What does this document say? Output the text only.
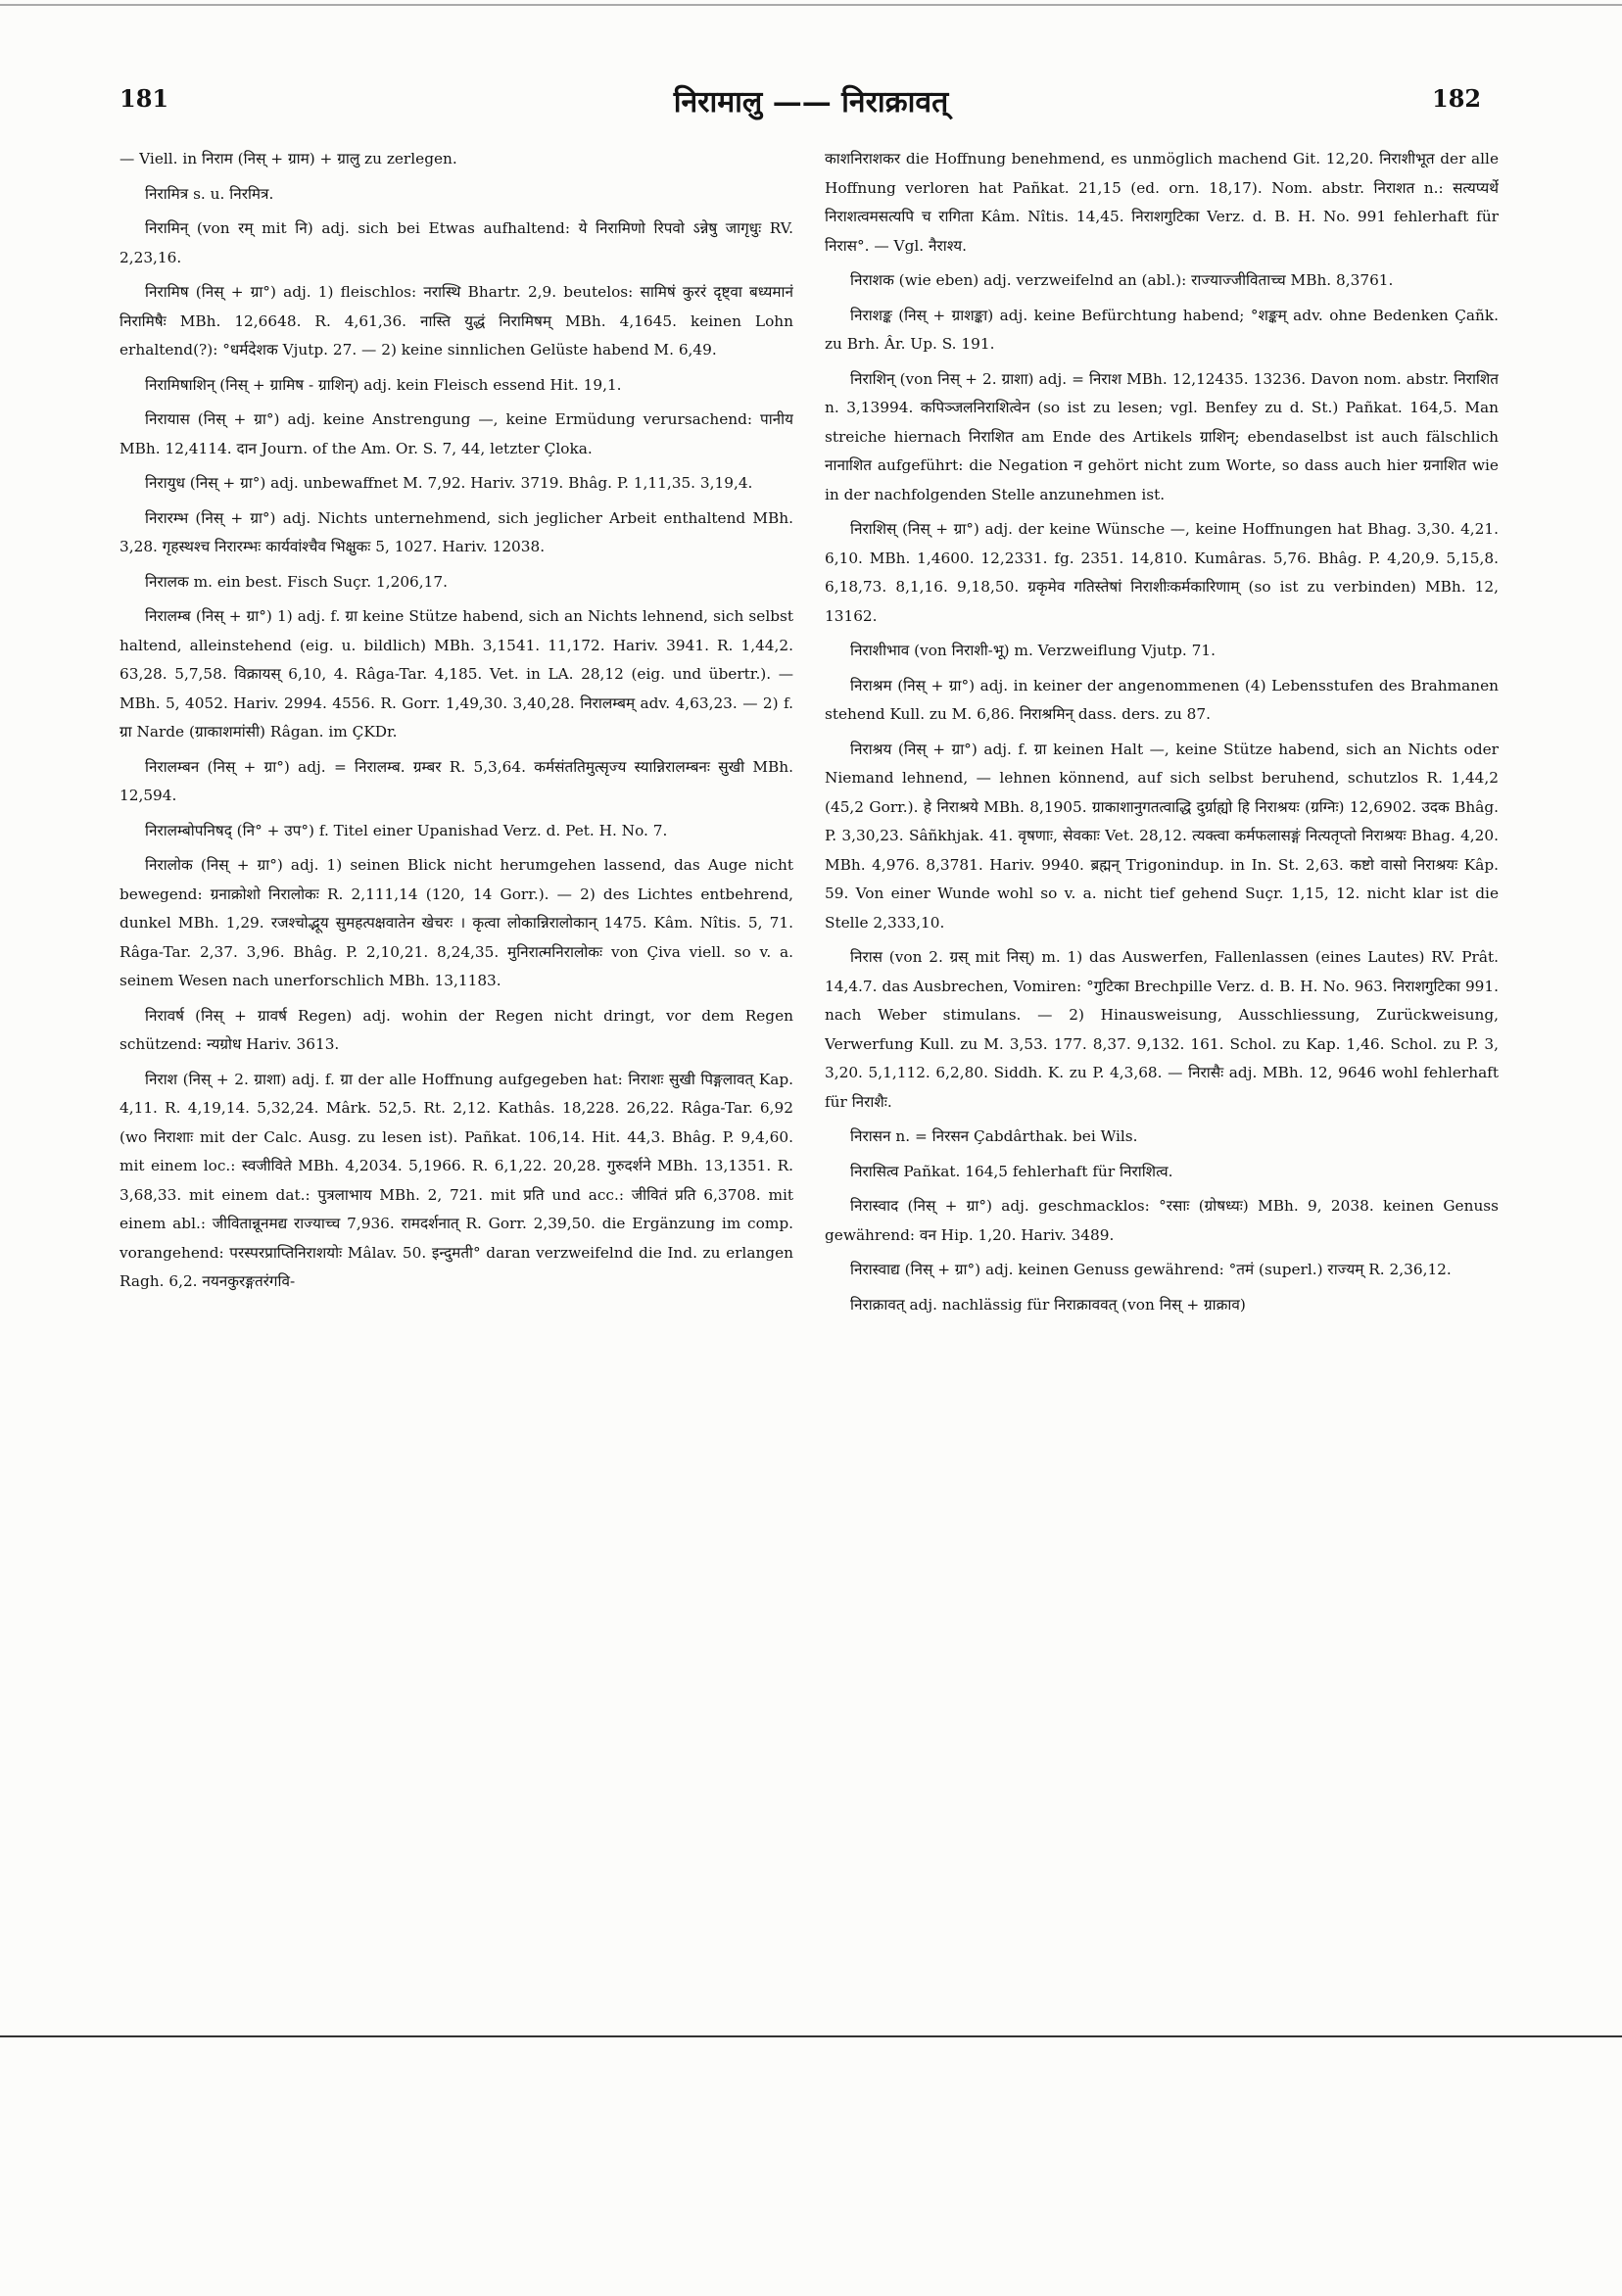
181	निरामालु —— निराक्रावत्	182

— Viell. in निराम (निस् + ग्राम) + ग्रालु zu zerlegen.

निरामित्र s. u. निरमित्र.

निरामिन् (von रम् mit नि) adj. sich bei Etwas aufhaltend: ये निरामिणो रिपवो ऽन्नेषु जागृधुः RV. 2,23,16.

निरामिष (निस् + ग्रा°) adj. 1) fleischlos: नरास्थि Bhartr. 2,9. beutelos: सामिषं कुररं दृष्ट्वा बध्यमानं निरामिषैः MBh. 12,6648. R. 4,61,36. नास्ति युद्धं निरामिषम् MBh. 4,1645. keinen Lohn erhaltend(?): °धर्मदेशक Vjutp. 27. — 2) keine sinnlichen Gelüste habend M. 6,49.

निरामिषाशिन् (निस् + ग्रामिष - ग्राशिन्) adj. kein Fleisch essend Hit. 19,1.

निरायास (निस् + ग्रा°) adj. keine Anstrengung —, keine Ermüdung verursachend: पानीय MBh. 12,4114. दान Journ. of the Am. Or. S. 7, 44, letzter Çloka.

निरायुध (निस् + ग्रा°) adj. unbewaffnet M. 7,92. Hariv. 3719. Bhâg. P. 1,11,35. 3,19,4.

निरारम्भ (निस् + ग्रा°) adj. Nichts unternehmend, sich jeglicher Arbeit enthaltend MBh. 3,28. गृहस्थश्च निरारम्भः कार्यवांश्चैव भिक्षुकः 5, 1027. Hariv. 12038.

निरालक m. ein best. Fisch Suçr. 1,206,17.

निरालम्ब (निस् + ग्रा°) 1) adj. f. ग्रा keine Stütze habend, sich an Nichts lehnend, sich selbst haltend, alleinstehend (eig. u. bildlich) MBh. 3,1541. 11,172. Hariv. 3941. R. 1,44,2. 63,28. 5,7,58. विक्रायस् 6,10, 4. Râga-Tar. 4,185. Vet. in LA. 28,12 (eig. und übertr.). — MBh. 5, 4052. Hariv. 2994. 4556. R. Gorr. 1,49,30. 3,40,28. निरालम्बम् adv. 4,63,23. — 2) f. ग्रा Narde (ग्राकाशमांसी) Râgan. im ÇKDr.

निरालम्बन (निस् + ग्रा°) adj. = निरालम्ब. ग्रम्बर R. 5,3,64. कर्मसंततिमुत्सृज्य स्यान्निरालम्बनः सुखी MBh. 12,594.

निरालम्बोपनिषद् (नि° + उप°) f. Titel einer Upanishad Verz. d. Pet. H. No. 7.

निरालोक (निस् + ग्रा°) adj. 1) seinen Blick nicht herumgehen lassend, das Auge nicht bewegend: ग्रनाक्रोशो निरालोकः R. 2,111,14 (120, 14 Gorr.). — 2) des Lichtes entbehrend, dunkel MBh. 1,29. रजश्चोद्भूय सुमहत्पक्षवातेन खेचरः । कृत्वा लोकान्निरालोकान् 1475. Kâm. Nîtis. 5, 71. Râga-Tar. 2,37. 3,96. Bhâg. P. 2,10,21. 8,24,35. मुनिरात्मनिरालोकः von Çiva viell. so v. a. seinem Wesen nach unerforschlich MBh. 13,1183.

निरावर्ष (निस् + ग्रावर्ष Regen) adj. wohin der Regen nicht dringt, vor dem Regen schützend: न्यग्रोध Hariv. 3613.

निराश (निस् + 2. ग्राशा) adj. f. ग्रा der alle Hoffnung aufgegeben hat: निराशः सुखी पिङ्गलावत् Kap. 4,11. R. 4,19,14. 5,32,24. Mârk. 52,5. Rt. 2,12. Kathâs. 18,228. 26,22. Râga-Tar. 6,92 (wo निराशाः mit der Calc. Ausg. zu lesen ist). Pañkat. 106,14. Hit. 44,3. Bhâg. P. 9,4,60. mit einem loc.: स्वजीविते MBh. 4,2034. 5,1966. R. 6,1,22. 20,28. गुरुदर्शने MBh. 13,1351. R. 3,68,33. mit einem dat.: पुत्रलाभाय MBh. 2, 721. mit प्रति und acc.: जीवितं प्रति 6,3708. mit einem abl.: जीवितान्नूनमद्य राज्याच्च 7,936. रामदर्शनात् R. Gorr. 2,39,50. die Ergänzung im comp. vorangehend: परस्परप्राप्तिनिराशयोः Mâlav. 50. इन्दुमती° daran verzweifelnd die Ind. zu erlangen Ragh. 6,2. नयनकुरङ्गतरंगवि-

काशनिराशकर die Hoffnung benehmend, es unmöglich machend Git. 12,20. निराशीभूत der alle Hoffnung verloren hat Pañkat. 21,15 (ed. orn. 18,17). Nom. abstr. निराशत n.: सत्यप्यर्थे निराशत्वमसत्यपि च रागिता Kâm. Nîtis. 14,45. निराशगुटिका Verz. d. B. H. No. 991 fehlerhaft für निरास°. — Vgl. नैराश्य.

निराशक (wie eben) adj. verzweifelnd an (abl.): राज्याज्जीविताच्च MBh. 8,3761.

निराशङ्क (निस् + ग्राशङ्का) adj. keine Befürchtung habend; °शङ्कम् adv. ohne Bedenken Çañk. zu Brh. Âr. Up. S. 191.

निराशिन् (von निस् + 2. ग्राशा) adj. = निराश MBh. 12,12435. 13236. Davon nom. abstr. निराशित n. 3,13994. कपिञ्जलनिराशित्वेन (so ist zu lesen; vgl. Benfey zu d. St.) Pañkat. 164,5. Man streiche hiernach निराशित am Ende des Artikels ग्राशिन्; ebendaselbst ist auch fälschlich नानाशित aufgeführt: die Negation न gehört nicht zum Worte, so dass auch hier ग्रनाशित wie in der nachfolgenden Stelle anzunehmen ist.

निराशिस् (निस् + ग्रा°) adj. der keine Wünsche —, keine Hoffnungen hat Bhag. 3,30. 4,21. 6,10. MBh. 1,4600. 12,2331. fg. 2351. 14,810. Kumâras. 5,76. Bhâg. P. 4,20,9. 5,15,8. 6,18,73. 8,1,16. 9,18,50. ग्रकृमेव गतिस्तेषां निराशीःकर्मकारिणाम् (so ist zu verbinden) MBh. 12, 13162.

निराशीभाव (von निराशी-भू) m. Verzweiflung Vjutp. 71.

निराश्रम (निस् + ग्रा°) adj. in keiner der angenommenen (4) Lebensstufen des Brahmanen stehend Kull. zu M. 6,86. निराश्रमिन् dass. ders. zu 87.

निराश्रय (निस् + ग्रा°) adj. f. ग्रा keinen Halt —, keine Stütze habend, sich an Nichts oder Niemand lehnend, — lehnen könnend, auf sich selbst beruhend, schutzlos R. 1,44,2 (45,2 Gorr.). हे निराश्रये MBh. 8,1905. ग्राकाशानुगतत्वाद्धि दुर्ग्राह्यो हि निराश्रयः (ग्रग्निः) 12,6902. उदक Bhâg. P. 3,30,23. Sâñkhjak. 41. वृषणाः, सेवकाः Vet. 28,12. त्यक्त्वा कर्मफलासङ्गं नित्यतृप्तो निराश्रयः Bhag. 4,20. MBh. 4,976. 8,3781. Hariv. 9940. ब्रह्मन् Trigonindup. in In. St. 2,63. कष्टो वासो निराश्रयः Kâp. 59. Von einer Wunde wohl so v. a. nicht tief gehend Suçr. 1,15, 12. nicht klar ist die Stelle 2,333,10.

निरास (von 2. ग्रस् mit निस्) m. 1) das Auswerfen, Fallenlassen (eines Lautes) RV. Prât. 14,4.7. das Ausbrechen, Vomiren: °गुटिका Brechpille Verz. d. B. H. No. 963. निराशगुटिका 991. nach Weber stimulans. — 2) Hinausweisung, Ausschliessung, Zurückweisung, Verwerfung Kull. zu M. 3,53. 177. 8,37. 9,132. 161. Schol. zu Kap. 1,46. Schol. zu P. 3, 3,20. 5,1,112. 6,2,80. Siddh. K. zu P. 4,3,68. — निरासैः adj. MBh. 12, 9646 wohl fehlerhaft für निराशैः.

निरासन n. = निरसन Çabdârthak. bei Wils.

निरासित्व Pañkat. 164,5 fehlerhaft für निराशित्व.

निरास्वाद (निस् + ग्रा°) adj. geschmacklos: °रसाः (ग्रोषध्यः) MBh. 9, 2038. keinen Genuss gewährend: वन Hip. 1,20. Hariv. 3489.

निरास्वाद्य (निस् + ग्रा°) adj. keinen Genuss gewährend: °तमं (superl.) राज्यम् R. 2,36,12.

निराक्रावत् adj. nachlässig für निराक्राववत् (von निस् + ग्राक्राव)
